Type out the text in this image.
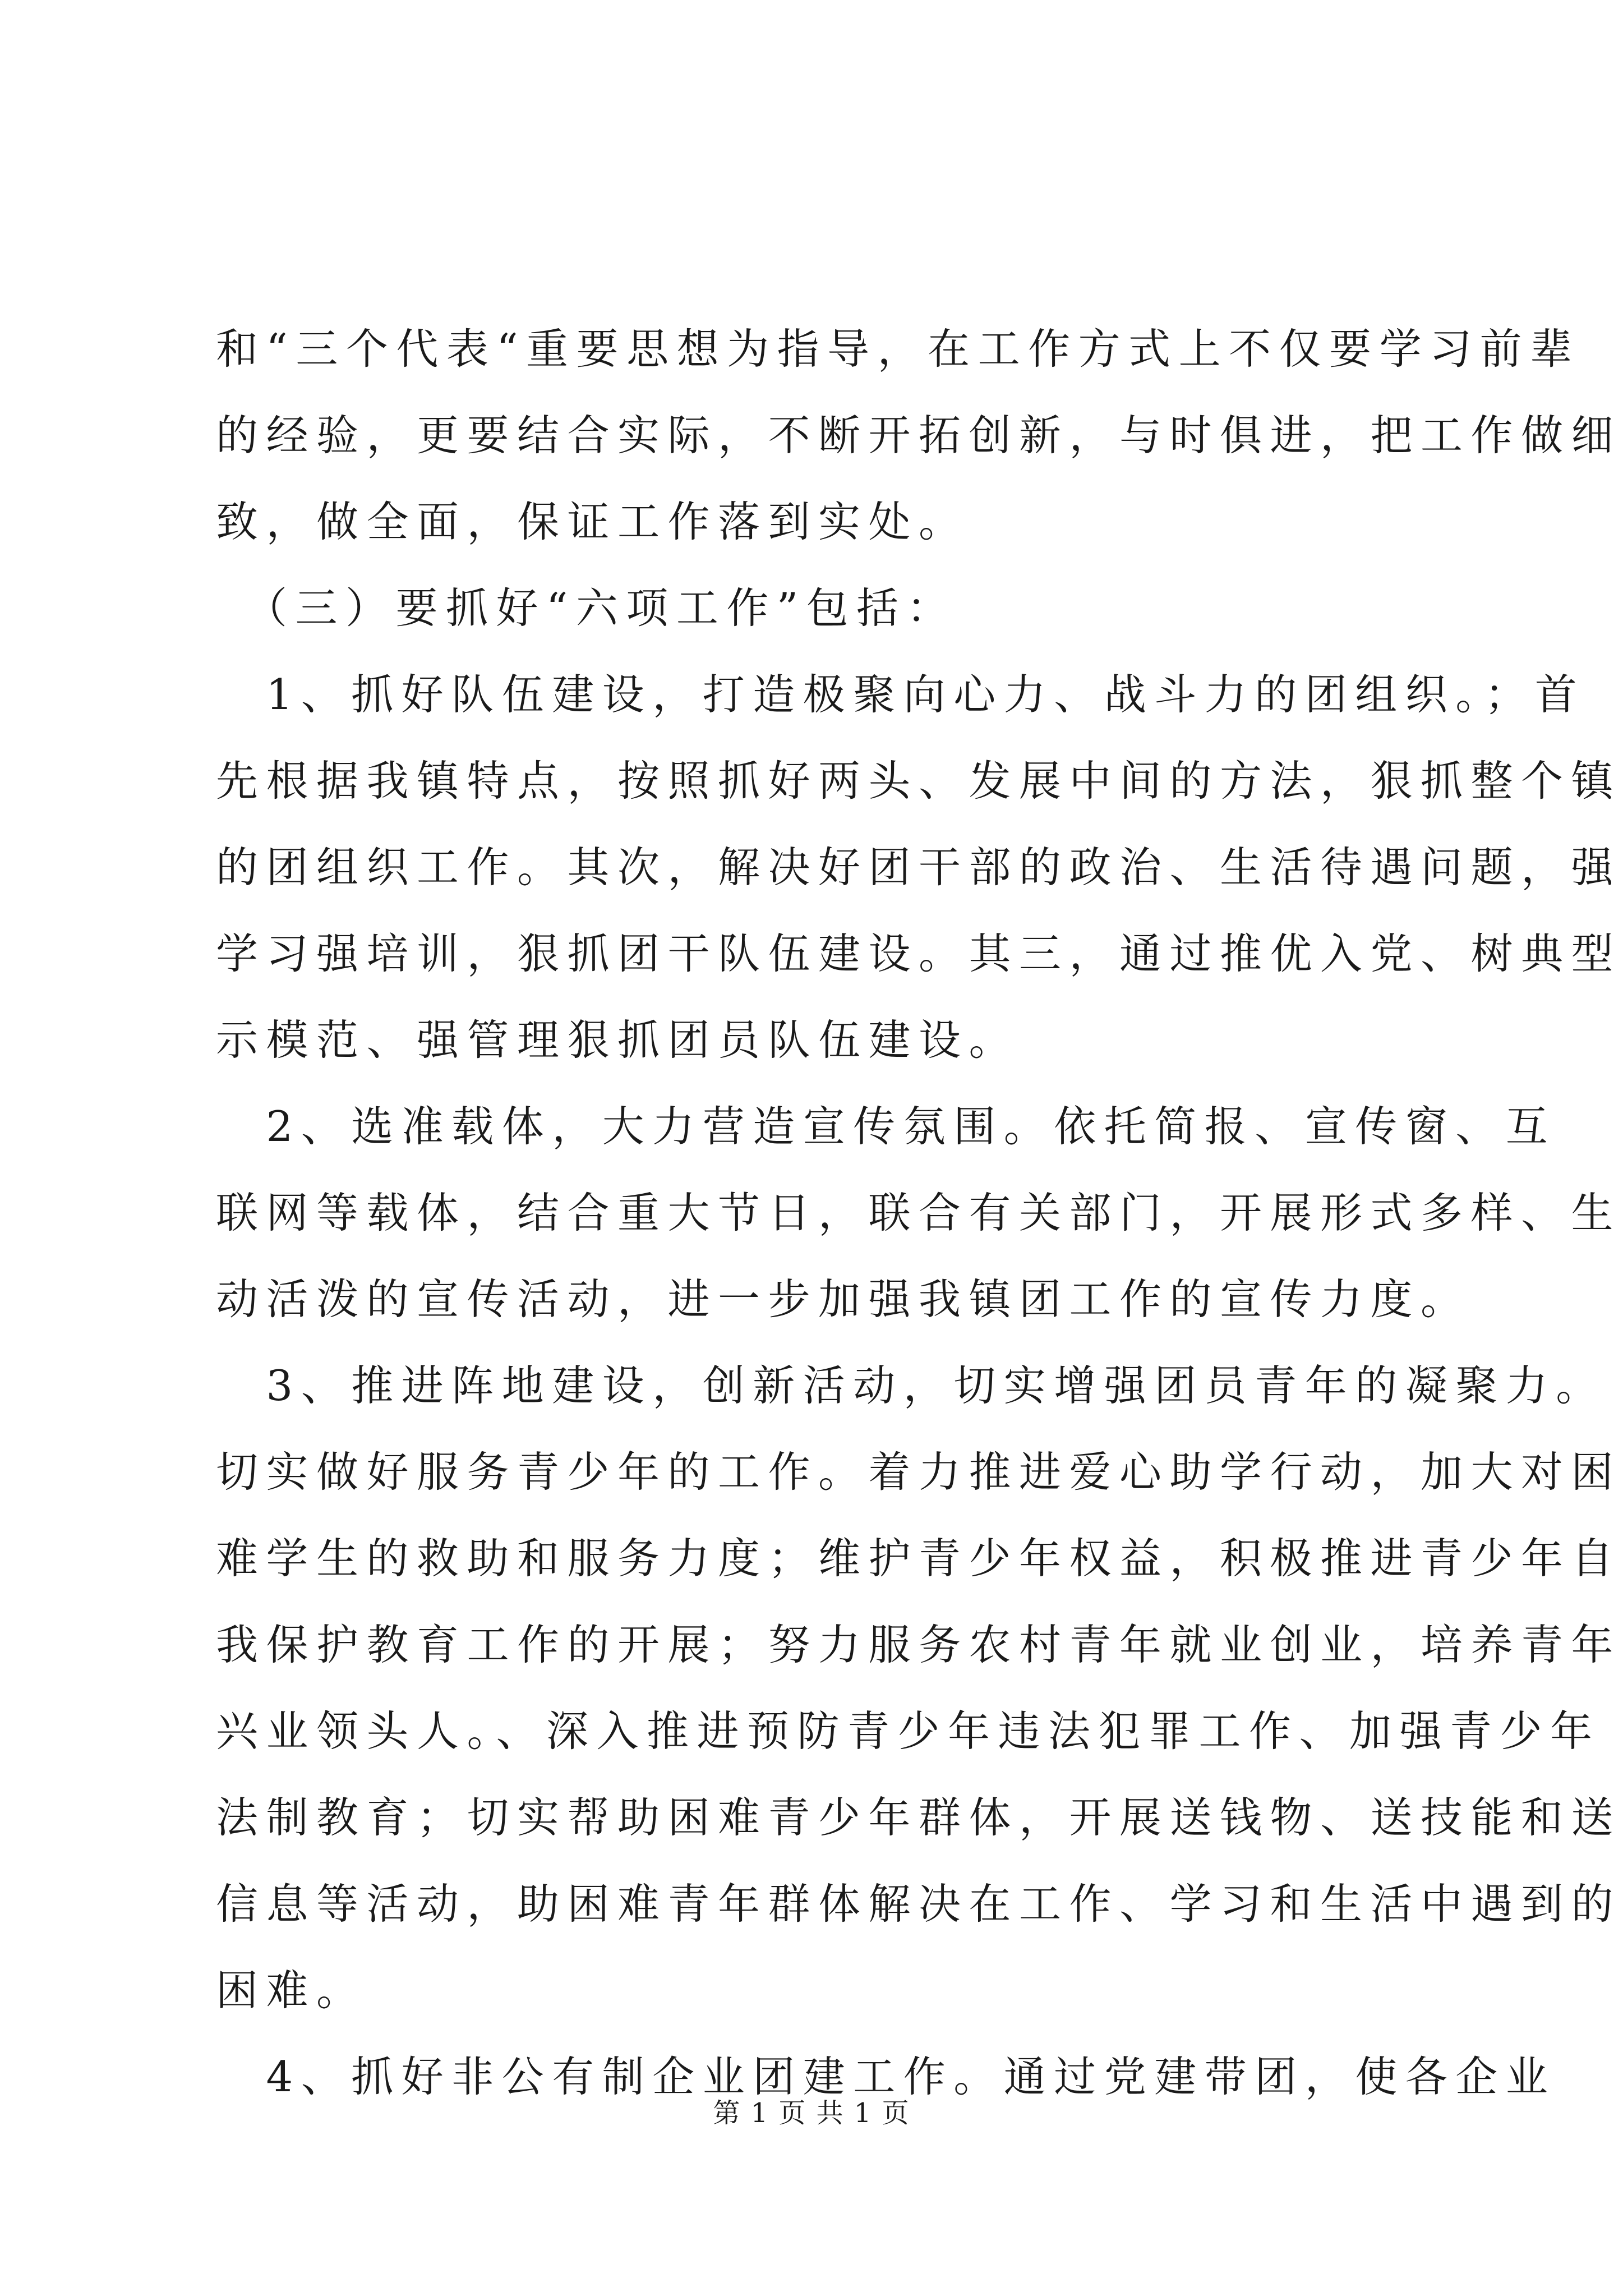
和“三个代表“重要思想为指导，在工作方式上不仅要学习前辈
的经验，更要结合实际，不断开拓创新，与时俱进，把工作做细
致，做全面，保证工作落到实处。
　（三）要抓好“六项工作”包括：
　1、抓好队伍建设，打造极聚向心力、战斗力的团组织。；首
先根据我镇特点，按照抓好两头、发展中间的方法，狠抓整个镇
的团组织工作。其次，解决好团干部的政治、生活待遇问题，强
学习强培训，狠抓团干队伍建设。其三，通过推优入党、树典型
示模范、强管理狠抓团员队伍建设。
　2、选准载体，大力营造宣传氛围。依托简报、宣传窗、互
联网等载体，结合重大节日，联合有关部门，开展形式多样、生
动活泼的宣传活动，进一步加强我镇团工作的宣传力度。
　3、推进阵地建设，创新活动，切实增强团员青年的凝聚力。
切实做好服务青少年的工作。着力推进爱心助学行动，加大对困
难学生的救助和服务力度；维护青少年权益，积极推进青少年自
我保护教育工作的开展；努力服务农村青年就业创业，培养青年
兴业领头人。、深入推进预防青少年违法犯罪工作、加强青少年
法制教育；切实帮助困难青少年群体，开展送钱物、送技能和送
信息等活动，助困难青年群体解决在工作、学习和生活中遇到的
困难。
　4、抓好非公有制企业团建工作。通过党建带团，使各企业
第 1 页 共 1 页
